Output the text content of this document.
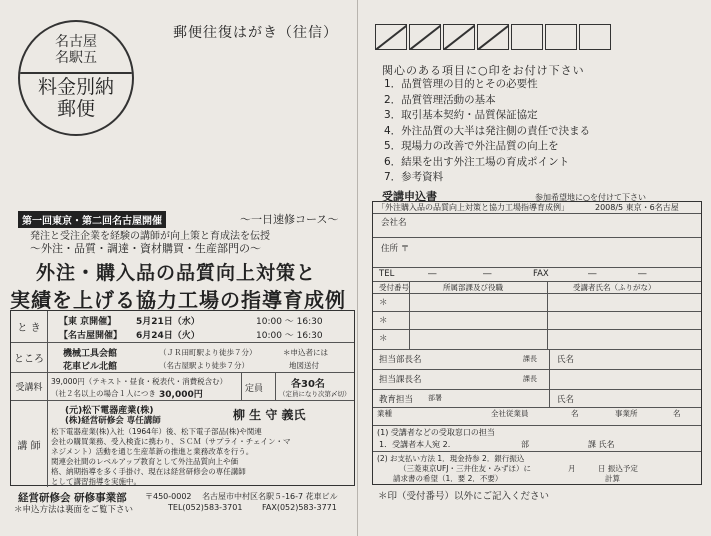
名古屋
名駅五
料金別納
郵便
郵便往復はがき（往信）
関心のある項目に○印をお付け下さい
1．品質管理の目的とその必要性
2．品質管理活動の基本
3．取引基本契約・品質保証協定
4．外注品質の大半は発注側の責任で決まる
5．現場力の改善で外注品質の向上を
6．結果を出す外注工場の育成ポイント
7．参考資料
第一回東京・第二回名古屋開催	〜一日速修コース〜
発注と受注企業を経験の講師が向上策と育成法を伝授
〜外注・品質・調達・資材購買・生産部門の〜
外注・購入品の品質向上対策と
実績を上げる協力工場の指導育成例
と き
【東 京開催】 5月21日（水）	10:00 〜 16:30
【名古屋開催】 6月24日（火）	10:00 〜 16:30
ところ	機械工具会館	（ＪＲ田町駅より徒歩７分）
花車ビル北館	（名古屋駅より徒歩７分）
＊申込者には
地図送付
受講料
39,000円（テキスト・昼食・税表代・消費税含む）
（社２名以上の場合１人につき 30,000円
定員	各30名
（定員になり次第〆切）
講 師
(元)松下電器産業(株)
(株)経営研修会 専任講師	柳 生 守 義氏
松下電器産業(株)入社（1964年）後、松下電子部品(株)や関連
会社の購買業務、受入検査に携わり、ＳＣＭ（サプライ・チェイン・マ
ネジメント）活動を通じ生産革新の推進と業務改革を行う。
関連会社間のレベルアップ教育として外注品質向上や価
格、納期指導を多く手掛け、現在は経営研修会の専任講師
として講習指導を実施中。
経営研修会 研修事業部 〒450-0002 名古屋市中村区名駅５-16-7 花車ビル
＊申込方法は裏面をご覧下さい	TEL(052)583-3701 FAX(052)583-3771
受講申込書	参加希望地に○を付けて下さい
「外注購入品の品質向上対策と協力工場指導育成例」	2008/5 東京・6名古屋
会社名
住所 〒
TEL	―	―	FAX	―	―
受付番号	所属部課及び役職	受講者氏名（ふりがな）
＊
＊
＊
担当部長名	課長 氏名
担当課長名	課長
教育担当 部署	氏名
業種	全社従業員	名	事業所	名
(1) 受講者などの受取窓口の担当
1．受講者本人宛 2.	部	課 氏名
(2) お支払い方法 1．現金持参 2．銀行振込
（三菱東京UFJ・三井住友・みずほ）に	月	日 振込予定
請求書の希望（1．要 2．不要）	計算
＊印（受付番号）以外にご記入ください
